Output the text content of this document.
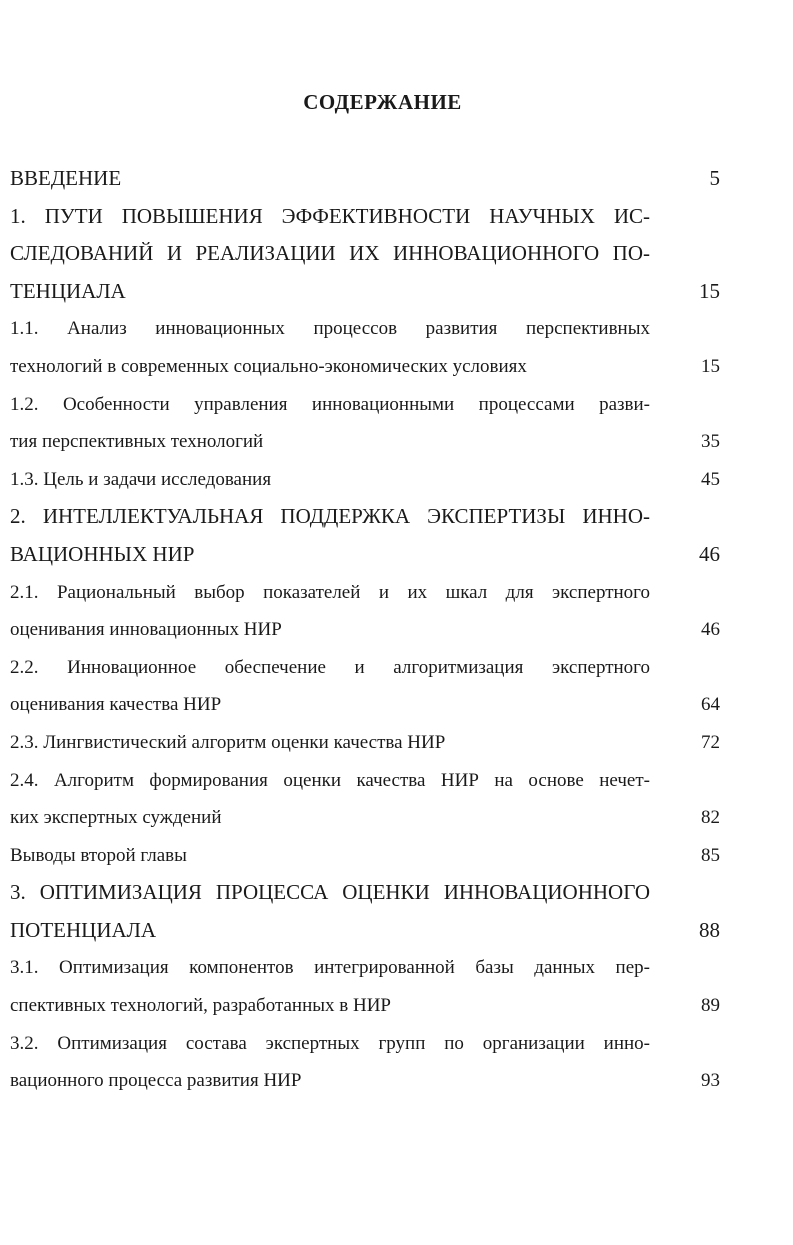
СОДЕРЖАНИЕ
ВВЕДЕНИЕ	5
1. ПУТИ ПОВЫШЕНИЯ ЭФФЕКТИВНОСТИ НАУЧНЫХ ИС-
СЛЕДОВАНИЙ И РЕАЛИЗАЦИИ ИХ ИННОВАЦИОННОГО ПО-
ТЕНЦИАЛА	15
1.1. Анализ инновационных процессов развития перспективных
технологий в современных социально-экономических условиях	15
1.2. Особенности управления инновационными процессами разви-
тия перспективных технологий	35
1.3. Цель и задачи исследования	45
2. ИНТЕЛЛЕКТУАЛЬНАЯ ПОДДЕРЖКА ЭКСПЕРТИЗЫ ИННО-
ВАЦИОННЫХ НИР	46
2.1. Рациональный выбор показателей и их шкал для экспертного
оценивания инновационных НИР	46
2.2. Инновационное обеспечение и алгоритмизация экспертного
оценивания качества НИР	64
2.3. Лингвистический алгоритм оценки качества НИР	72
2.4. Алгоритм формирования оценки качества НИР на основе нечет-
ких экспертных суждений	82
Выводы второй главы	85
3. ОПТИМИЗАЦИЯ ПРОЦЕССА ОЦЕНКИ ИННОВАЦИОННОГО
ПОТЕНЦИАЛА	88
3.1. Оптимизация компонентов интегрированной базы данных пер-
спективных технологий, разработанных в НИР	89
3.2. Оптимизация состава экспертных групп по организации инно-
вационного процесса развития НИР	93
